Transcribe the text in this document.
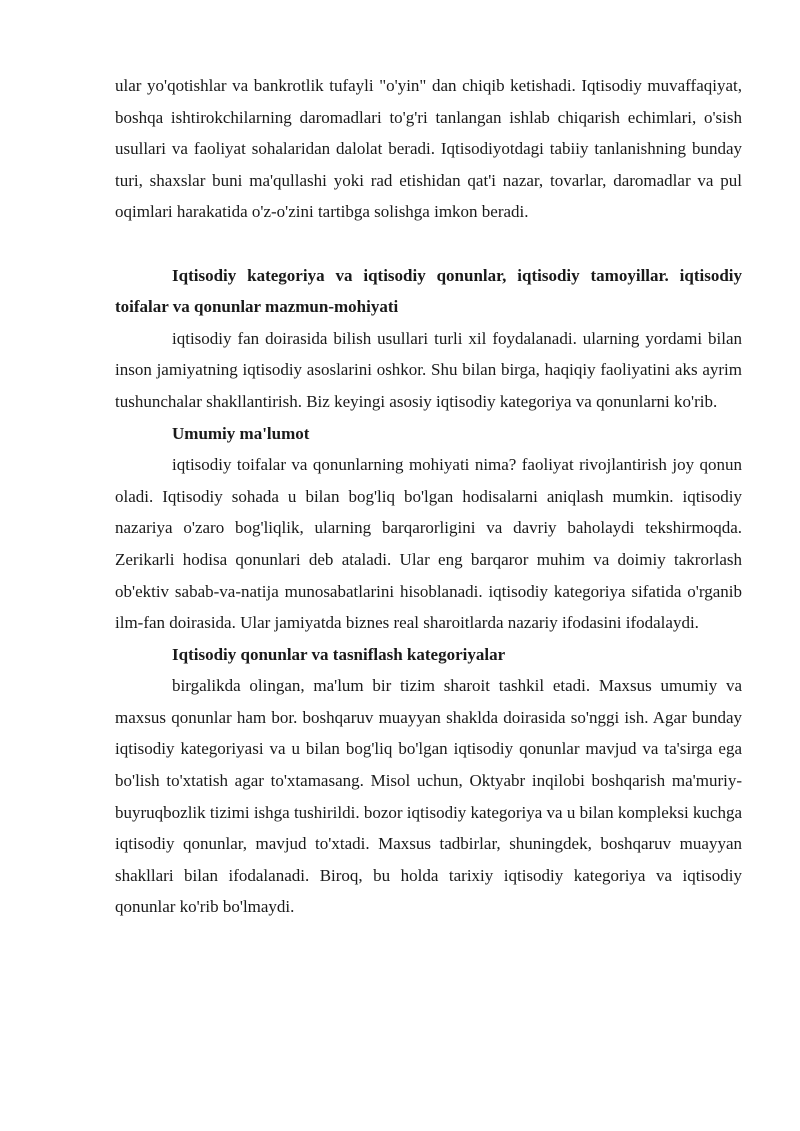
ular yo'qotishlar va bankrotlik tufayli "o'yin" dan chiqib ketishadi. Iqtisodiy muvaffaqiyat, boshqa ishtirokchilarning daromadlari to'g'ri tanlangan ishlab chiqarish echimlari, o'sish usullari va faoliyat sohalaridan dalolat beradi. Iqtisodiyotdagi tabiiy tanlanishning bunday turi, shaxslar buni ma'qullashi yoki rad etishidan qat'i nazar, tovarlar, daromadlar va pul oqimlari harakatida o'z-o'zini tartibga solishga imkon beradi.

Iqtisodiy kategoriya va iqtisodiy qonunlar, iqtisodiy tamoyillar. iqtisodiy toifalar va qonunlar mazmun-mohiyati

iqtisodiy fan doirasida bilish usullari turli xil foydalanadi. ularning yordami bilan inson jamiyatning iqtisodiy asoslarini oshkor. Shu bilan birga, haqiqiy faoliyatini aks ayrim tushunchalar shakllantirish. Biz keyingi asosiy iqtisodiy kategoriya va qonunlarni ko'rib.

Umumiy ma'lumot

iqtisodiy toifalar va qonunlarning mohiyati nima? faoliyat rivojlantirish joy qonun oladi. Iqtisodiy sohada u bilan bog'liq bo'lgan hodisalarni aniqlash mumkin. iqtisodiy nazariya o'zaro bog'liqlik, ularning barqarorligini va davriy baholaydi tekshirmoqda. Zerikarli hodisa qonunlari deb ataladi. Ular eng barqaror muhim va doimiy takrorlash ob'ektiv sabab-va-natija munosabatlarini hisoblanadi. iqtisodiy kategoriya sifatida o'rganib ilm-fan doirasida. Ular jamiyatda biznes real sharoitlarda nazariy ifodasini ifodalaydi.

Iqtisodiy qonunlar va tasniflash kategoriyalar

birgalikda olingan, ma'lum bir tizim sharoit tashkil etadi. Maxsus umumiy va maxsus qonunlar ham bor. boshqaruv muayyan shaklda doirasida so'nggi ish. Agar bunday iqtisodiy kategoriyasi va u bilan bog'liq bo'lgan iqtisodiy qonunlar mavjud va ta'sirga ega bo'lish to'xtatish agar to'xtamasang. Misol uchun, Oktyabr inqilobi boshqarish ma'muriy-buyruqbozlik tizimi ishga tushirildi. bozor iqtisodiy kategoriya va u bilan kompleksi kuchga iqtisodiy qonunlar, mavjud to'xtadi. Maxsus tadbirlar, shuningdek, boshqaruv muayyan shakllari bilan ifodalanadi. Biroq, bu holda tarixiy iqtisodiy kategoriya va iqtisodiy qonunlar ko'rib bo'lmaydi.
